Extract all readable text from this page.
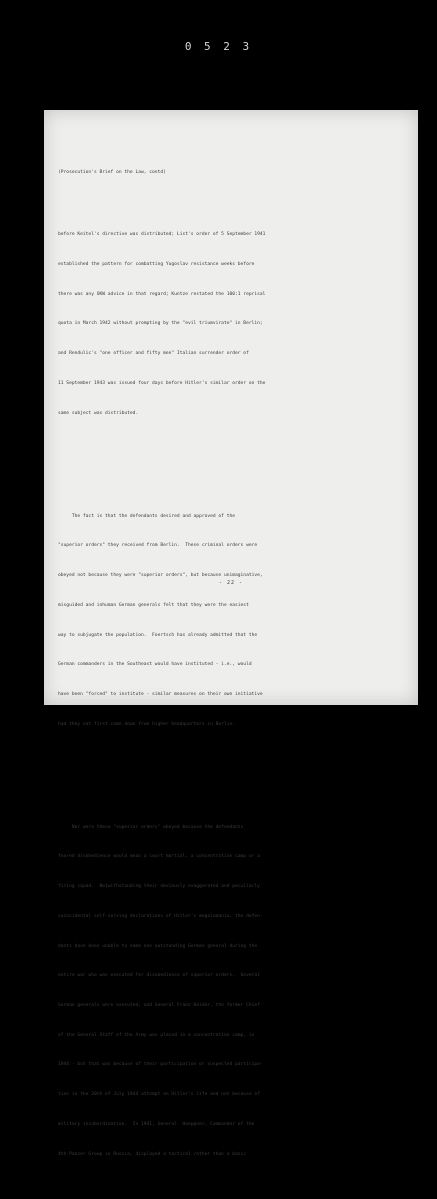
0 5 2 3

(Prosecution's Brief on the Law, contd)

before Keitel's directive was distributed; List's order of 5 September 1941

established the pattern for combatting Yugoslav resistance weeks before

there was any OKW advice in that regard; Kuntze restated the 100:1 reprisal

quota in March 1942 without prompting by the "evil triumvirate" in Berlin;

and Rendulic's "one officer and fifty men" Italian surrender order of

11 September 1943 was issued four days before Hitler's similar order on the

same subject was distributed.

The fact is that the defendants desired and approved of the

"superior orders" they received from Berlin.  These criminal orders were

obeyed not because they were "superior orders", but because unimaginative,

misguided and inhuman German generals felt that they were the easiest

way to subjugate the population.  Foertsch has already admitted that the

German commanders in the Southeast would have instituted - i.e., would

have been "forced" to institute - similar measures on their own initiative

had they not first come down from higher headquarters in Berlin.

Nor were these "superior orders" obeyed because the defendants

feared disobedience would mean a court martial, a concentration camp or a

firing squad.  Notwithstanding their obviously exaggerated and peculiarly

coincidental self-serving declarations of Hitler's megalomania, the defen-

dants have been unable to name one outstanding German general during the

entire war who was executed for disobedience of superior orders.  Several

German generals were executed, and General Franz Halder, the former Chief

of the General Staff of the Army was placed in a concentration camp, in

1944 - but that was because of their participation or suspected participa-

tion in the 20th of July 1944 attempt on Hitler's life and not because of

military insubordination.  In 1941, General  Hoeppner, Commander of the

4th Panzer Group in Russia, displayed a tactical rather than a basic

- 22 -
